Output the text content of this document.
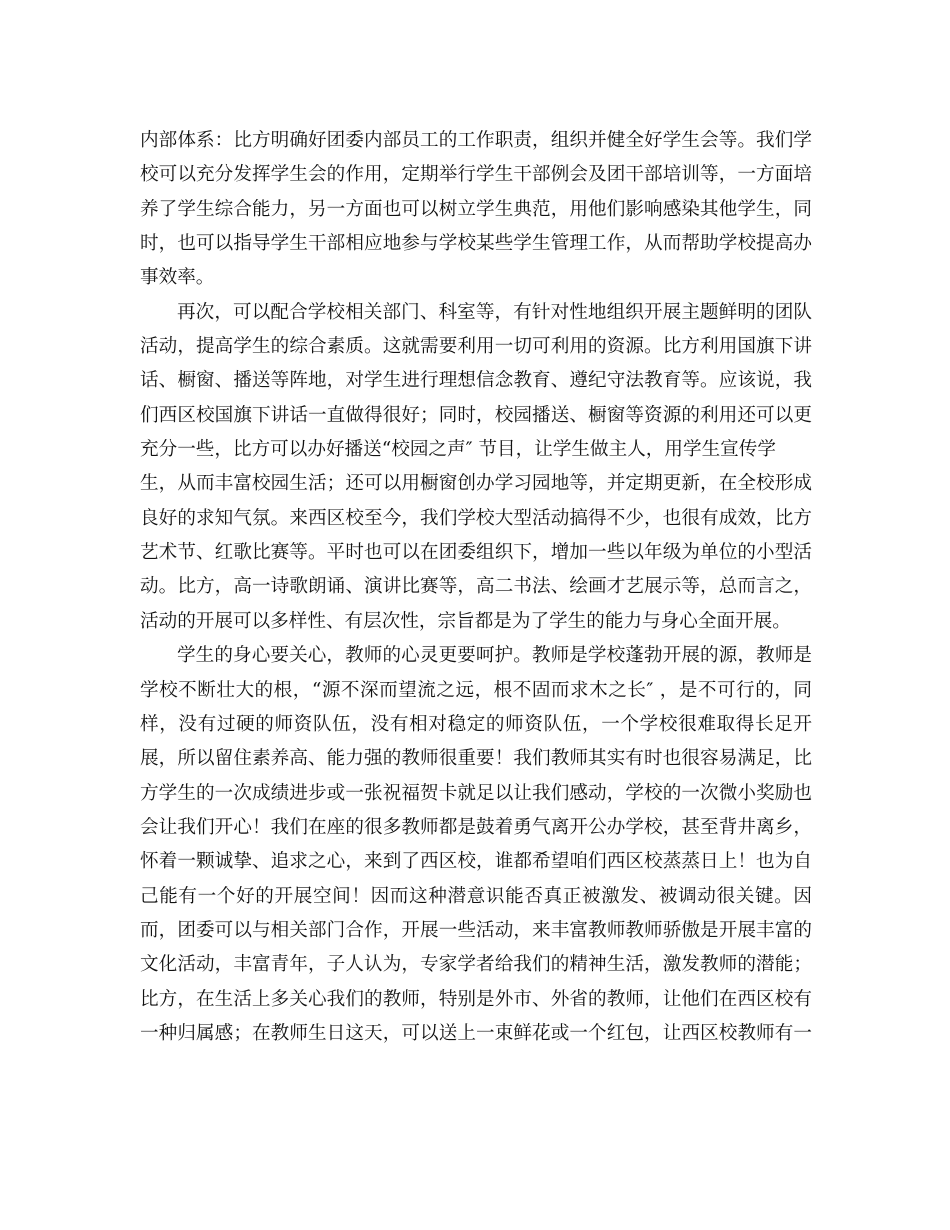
内部体系：比方明确好团委内部员工的工作职责，组织并健全好学生会等。我们学
校可以充分发挥学生会的作用，定期举行学生干部例会及团干部培训等，一方面培
养了学生综合能力，另一方面也可以树立学生典范，用他们影响感染其他学生，同
时，也可以指导学生干部相应地参与学校某些学生管理工作，从而帮助学校提高办
事效率。
再次，可以配合学校相关部门、科室等，有针对性地组织开展主题鲜明的团队
活动，提高学生的综合素质。这就需要利用一切可利用的资源。比方利用国旗下讲
话、橱窗、播送等阵地，对学生进行理想信念教育、遵纪守法教育等。应该说，我
们西区校国旗下讲话一直做得很好；同时，校园播送、橱窗等资源的利用还可以更
充分一些，比方可以办好播送“校园之声″ 节目，让学生做主人，用学生宣传学
生，从而丰富校园生活；还可以用橱窗创办学习园地等，并定期更新，在全校形成
良好的求知气氛。来西区校至今，我们学校大型活动搞得不少，也很有成效，比方
艺术节、红歌比赛等。平时也可以在团委组织下，增加一些以年级为单位的小型活
动。比方，高一诗歌朗诵、演讲比赛等，高二书法、绘画才艺展示等，总而言之，
活动的开展可以多样性、有层次性，宗旨都是为了学生的能力与身心全面开展。
学生的身心要关心，教师的心灵更要呵护。教师是学校蓬勃开展的源，教师是
学校不断壮大的根，“源不深而望流之远，根不固而求木之长″ ，是不可行的，同
样，没有过硬的师资队伍，没有相对稳定的师资队伍，一个学校很难取得长足开
展，所以留住素养高、能力强的教师很重要！我们教师其实有时也很容易满足，比
方学生的一次成绩进步或一张祝福贺卡就足以让我们感动，学校的一次微小奖励也
会让我们开心！我们在座的很多教师都是鼓着勇气离开公办学校，甚至背井离乡，
怀着一颗诚挚、追求之心，来到了西区校，谁都希望咱们西区校蒸蒸日上！也为自
己能有一个好的开展空间！因而这种潜意识能否真正被激发、被调动很关键。因
而，团委可以与相关部门合作，开展一些活动，来丰富教师教师骄傲是开展丰富的
文化活动，丰富青年，子人认为，专家学者给我们的精神生活，激发教师的潜能；
比方，在生活上多关心我们的教师，特别是外市、外省的教师，让他们在西区校有
一种归属感；在教师生日这天，可以送上一束鲜花或一个红包，让西区校教师有一
